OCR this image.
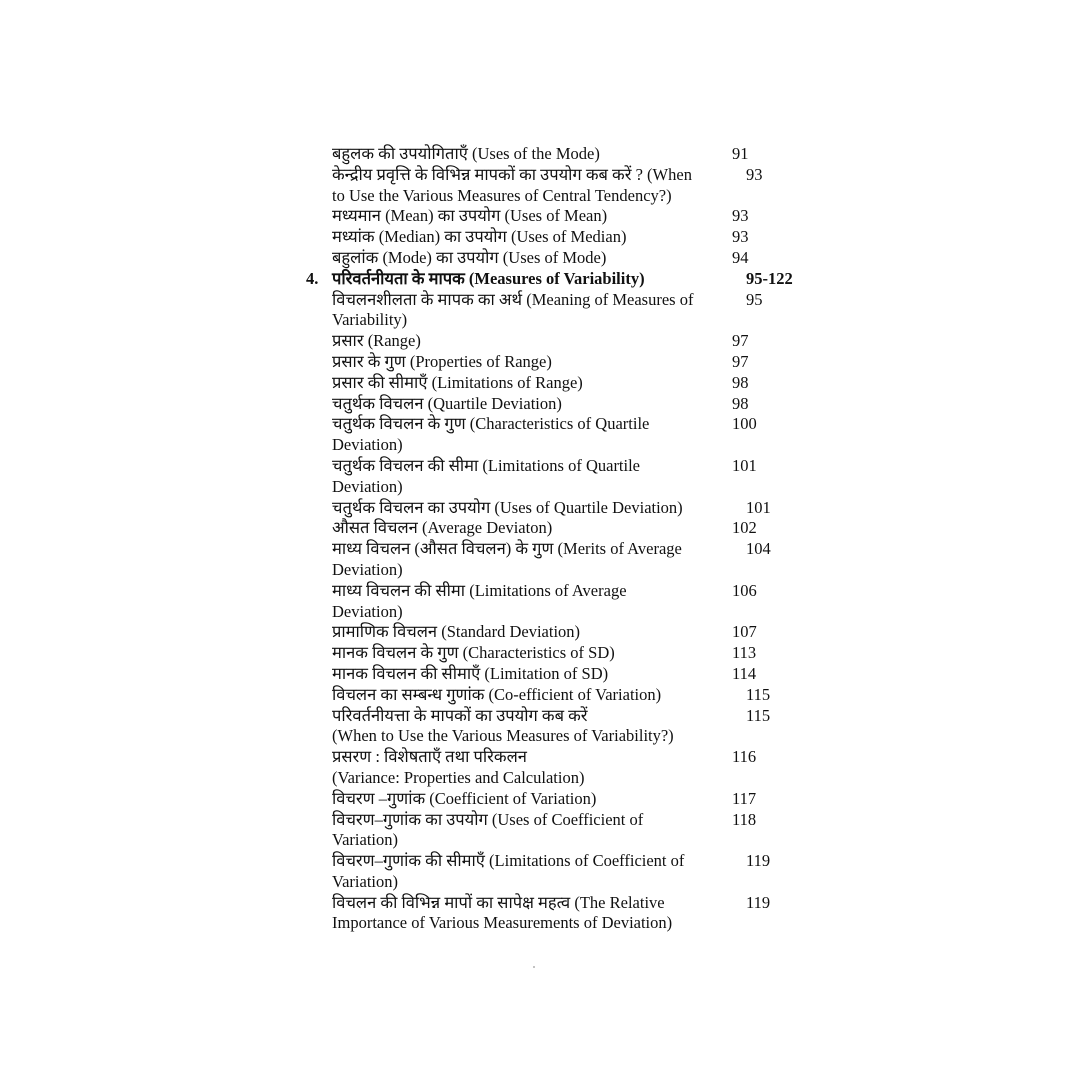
बहुलक की उपयोगिताएँ (Uses of the Mode)	91
केन्द्रीय प्रवृत्ति के विभिन्न मापकों का उपयोग कब करें ? (When
to Use the Various Measures of Central Tendency?)
93
मध्यमान (Mean) का उपयोग (Uses of Mean)	93
मध्यांक (Median) का उपयोग (Uses of Median)	93
बहुलांक (Mode) का उपयोग (Uses of Mode)	94
4. परिवर्तनीयता के मापक (Measures of Variability)	95-122
विचलनशीलता के मापक का अर्थ (Meaning of Measures of
Variability)
95
प्रसार (Range)	97
प्रसार के गुण (Properties of Range)	97
प्रसार की सीमाएँ (Limitations of Range)	98
चतुर्थक विचलन (Quartile Deviation)	98
चतुर्थक विचलन के गुण (Characteristics of Quartile
Deviation)
100
चतुर्थक विचलन की सीमा (Limitations of Quartile
Deviation)
101
चतुर्थक विचलन का उपयोग (Uses of Quartile Deviation)	101
औसत विचलन (Average Deviaton)	102
माध्य विचलन (औसत विचलन) के गुण (Merits of Average
Deviation)
104
माध्य विचलन की सीमा (Limitations of Average
Deviation)
106
प्रामाणिक विचलन (Standard Deviation)	107
मानक विचलन के गुण (Characteristics of SD)	113
मानक विचलन की सीमाएँ (Limitation of SD)	114
विचलन का सम्बन्ध गुणांक (Co-efficient of Variation)	115
परिवर्तनीयत्ता के मापकों का उपयोग कब करें
(When to Use the Various Measures of Variability?)
115
प्रसरण : विशेषताएँ तथा परिकलन
(Variance: Properties and Calculation)
116
विचरण –गुणांक (Coefficient of Variation)	117
विचरण–गुणांक का उपयोग (Uses of Coefficient of
Variation)
118
विचरण–गुणांक की सीमाएँ (Limitations of Coefficient of
Variation)
119
विचलन की विभिन्न मापों का सापेक्ष महत्व (The Relative
Importance of Various Measurements of Deviation)
119
